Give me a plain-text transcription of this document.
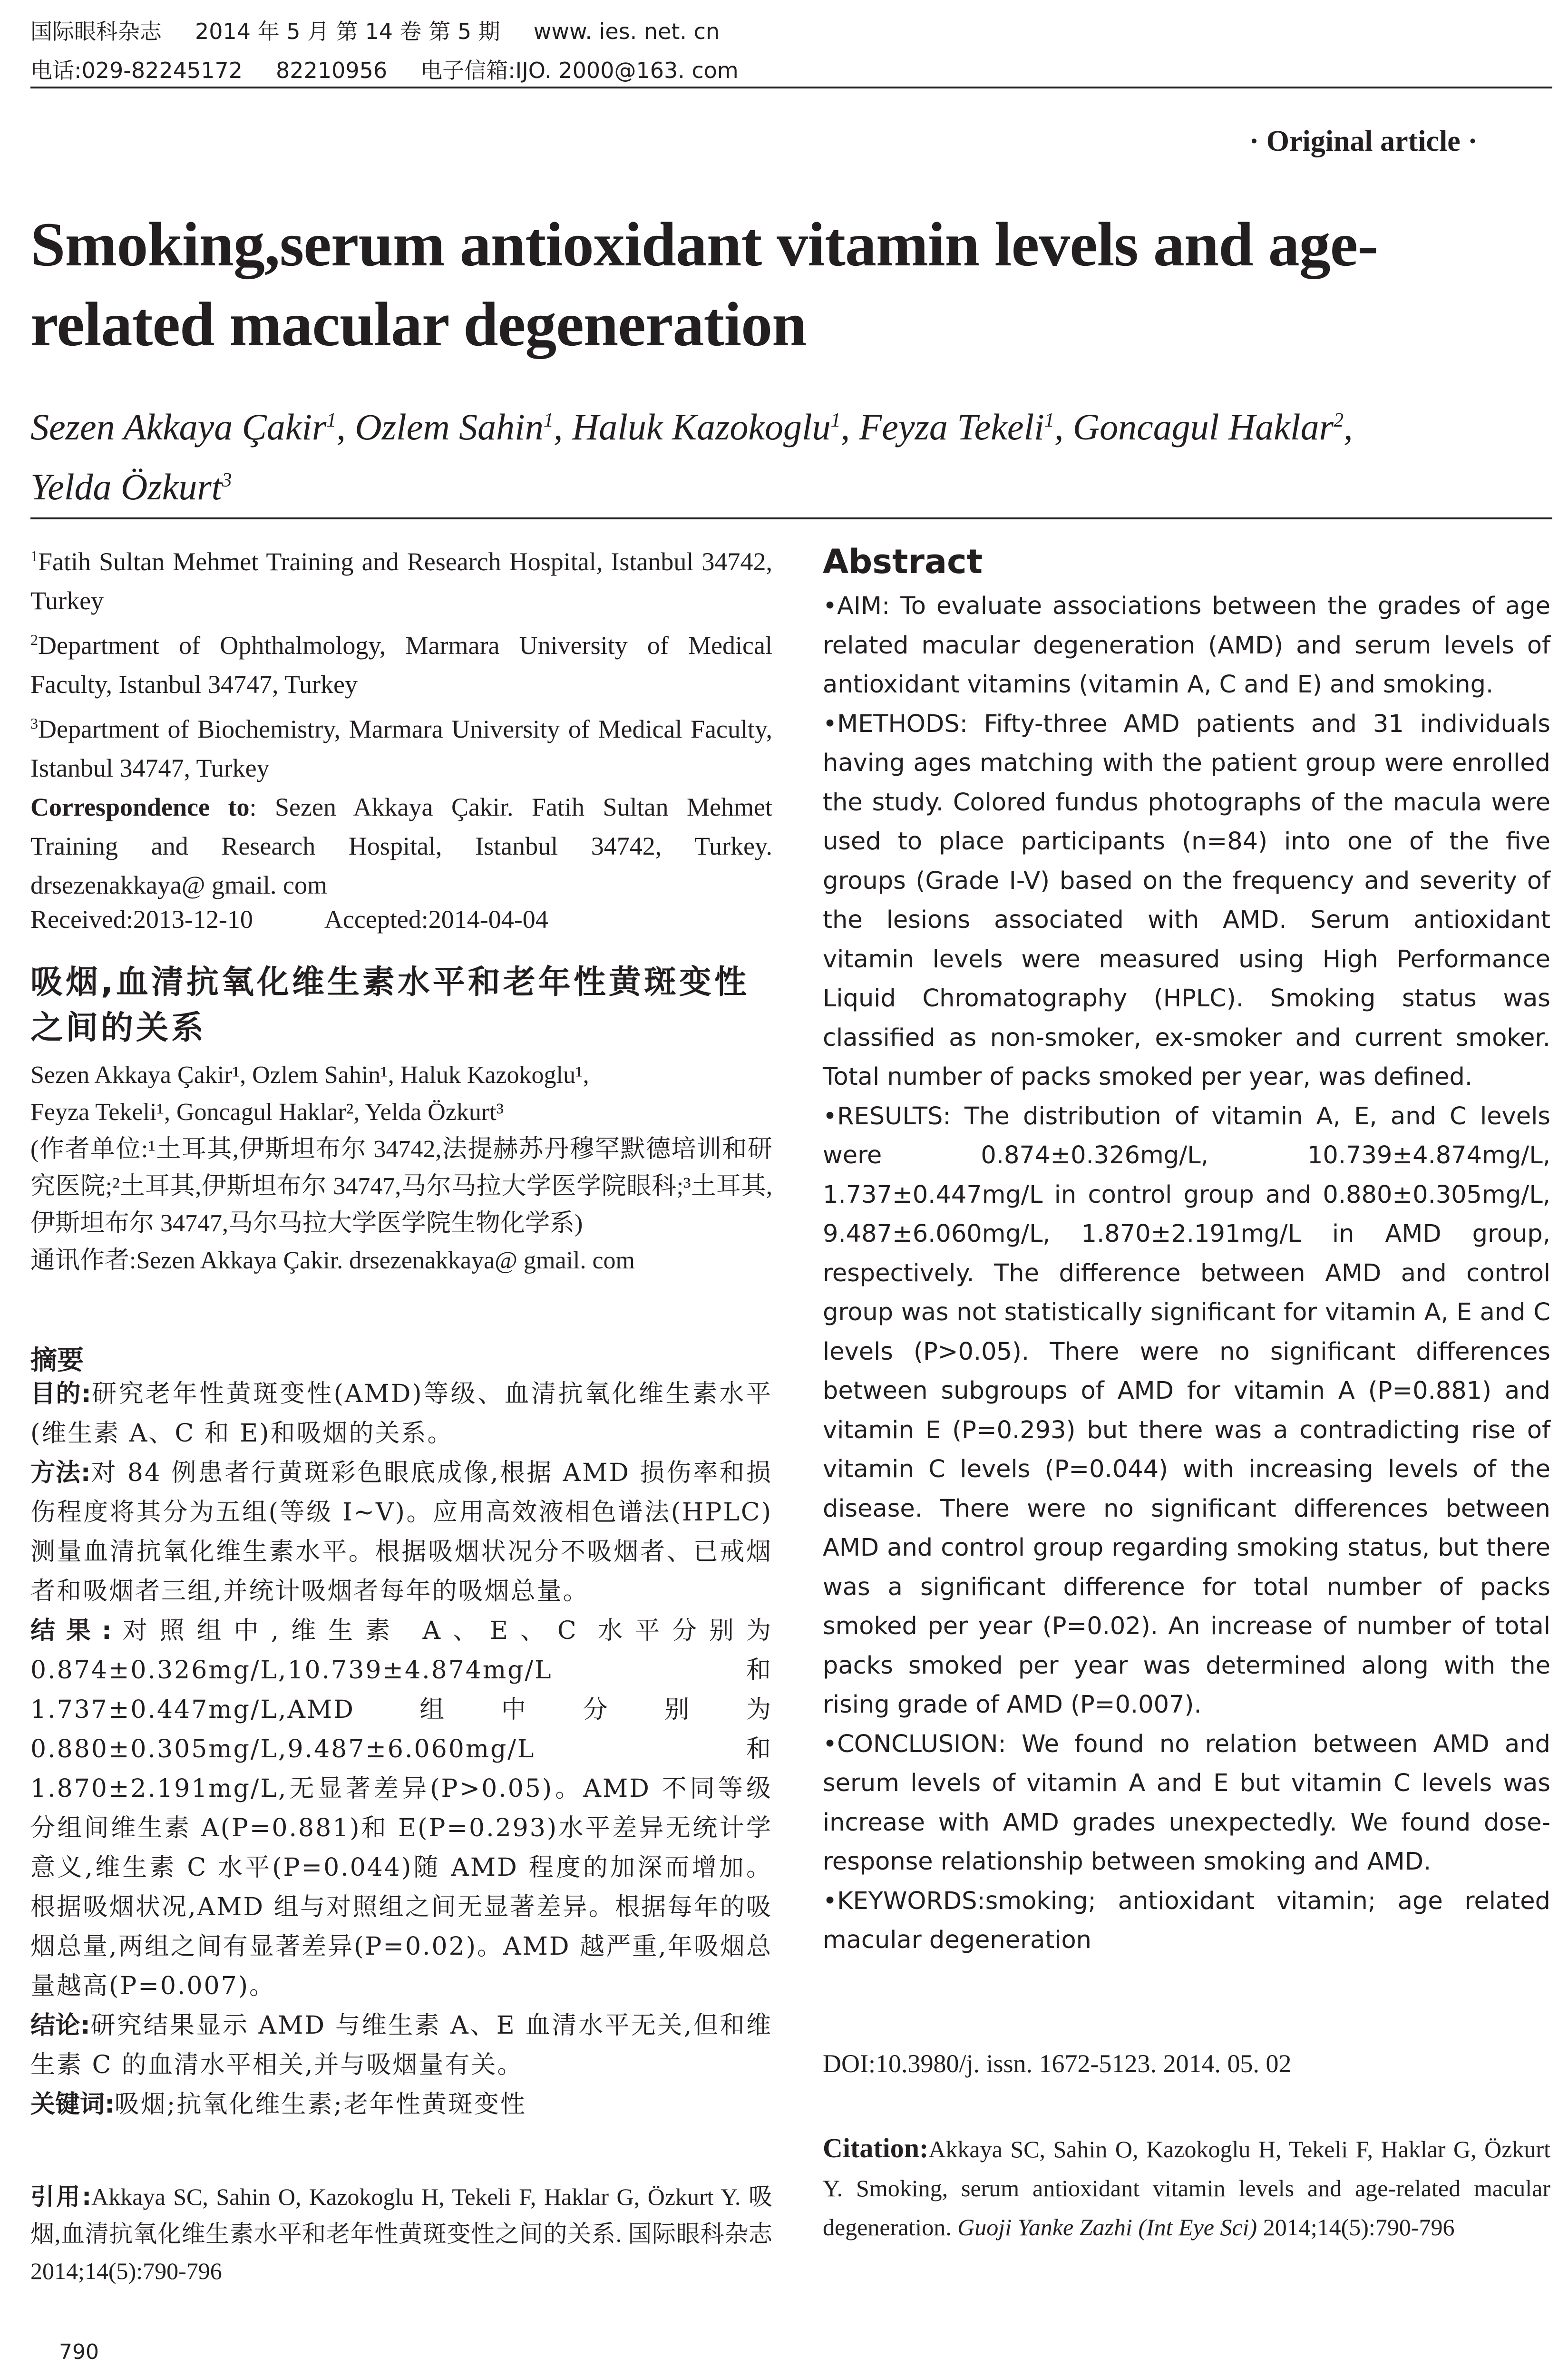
国际眼科杂志 2014 年 5 月 第 14 卷 第 5 期 www. ies. net. cn
电话:029-82245172 82210956 电子信箱:IJO. 2000@163. com
· Original article ·
Smoking,serum antioxidant vitamin levels and age-related macular degeneration
Sezen Akkaya Çakir$^1$, Ozlem Sahin$^1$, Haluk Kazokoglu$^1$, Feyza Tekeli$^1$, Goncagul Haklar$^2$,
Yelda Özkurt$^3$
$^1$Fatih Sultan Mehmet Training and Research Hospital, Istanbul 34742, Turkey
$^2$Department of Ophthalmology, Marmara University of Medical Faculty, Istanbul 34747, Turkey
$^3$Department of Biochemistry, Marmara University of Medical Faculty, Istanbul 34747, Turkey
Correspondence to: Sezen Akkaya Çakir. Fatih Sultan Mehmet Training and Research Hospital, Istanbul 34742, Turkey. drsezenakkaya@ gmail. com
Received:2013-12-10	Accepted:2014-04-04
吸烟,血清抗氧化维生素水平和老年性黄斑变性之间的关系
Sezen Akkaya Çakir¹, Ozlem Sahin¹, Haluk Kazokoglu¹,
Feyza Tekeli¹, Goncagul Haklar², Yelda Özkurt³
(作者单位:¹土耳其,伊斯坦布尔 34742,法提赫苏丹穆罕默德培训和研究医院;²土耳其,伊斯坦布尔 34747,马尔马拉大学医学院眼科;³土耳其,伊斯坦布尔 34747,马尔马拉大学医学院生物化学系)
通讯作者:Sezen Akkaya Çakir. drsezenakkaya@ gmail. com
摘要
目的:研究老年性黄斑变性(AMD)等级、血清抗氧化维生素水平(维生素 A、C 和 E)和吸烟的关系。
方法:对 84 例患者行黄斑彩色眼底成像,根据 AMD 损伤率和损伤程度将其分为五组(等级 I~V)。应用高效液相色谱法(HPLC)测量血清抗氧化维生素水平。根据吸烟状况分不吸烟者、已戒烟者和吸烟者三组,并统计吸烟者每年的吸烟总量。
结果:对照组中,维生素 A、E、C 水平分别为 0.874±0.326mg/L,10.739±4.874mg/L 和 1.737±0.447mg/L,AMD 组中分别为 0.880±0.305mg/L,9.487±6.060mg/L 和 1.870±2.191mg/L,无显著差异(P>0.05)。AMD 不同等级分组间维生素 A(P=0.881)和 E(P=0.293)水平差异无统计学意义,维生素 C 水平(P=0.044)随 AMD 程度的加深而增加。根据吸烟状况,AMD 组与对照组之间无显著差异。根据每年的吸烟总量,两组之间有显著差异(P=0.02)。AMD 越严重,年吸烟总量越高(P=0.007)。
结论:研究结果显示 AMD 与维生素 A、E 血清水平无关,但和维生素 C 的血清水平相关,并与吸烟量有关。
关键词:吸烟;抗氧化维生素;老年性黄斑变性
引用:Akkaya SC, Sahin O, Kazokoglu H, Tekeli F, Haklar G, Özkurt Y. 吸烟,血清抗氧化维生素水平和老年性黄斑变性之间的关系. 国际眼科杂志 2014;14(5):790-796
Abstract

•AIM: To evaluate associations between the grades of age related macular degeneration (AMD) and serum levels of antioxidant vitamins (vitamin A, C and E) and smoking.

•METHODS: Fifty-three AMD patients and 31 individuals having ages matching with the patient group were enrolled the study. Colored fundus photographs of the macula were used to place participants (n=84) into one of the five groups (Grade I-V) based on the frequency and severity of the lesions associated with AMD. Serum antioxidant vitamin levels were measured using High Performance Liquid Chromatography (HPLC). Smoking status was classified as non-smoker, ex-smoker and current smoker. Total number of packs smoked per year, was defined.

•RESULTS: The distribution of vitamin A, E, and C levels were 0.874±0.326mg/L, 10.739±4.874mg/L, 1.737±0.447mg/L in control group and 0.880±0.305mg/L, 9.487±6.060mg/L, 1.870±2.191mg/L in AMD group, respectively. The difference between AMD and control group was not statistically significant for vitamin A, E and C levels (P>0.05). There were no significant differences between subgroups of AMD for vitamin A (P=0.881) and vitamin E (P=0.293) but there was a contradicting rise of vitamin C levels (P=0.044) with increasing levels of the disease. There were no significant differences between AMD and control group regarding smoking status, but there was a significant difference for total number of packs smoked per year (P=0.02). An increase of number of total packs smoked per year was determined along with the rising grade of AMD (P=0.007).

•CONCLUSION: We found no relation between AMD and serum levels of vitamin A and E but vitamin C levels was increase with AMD grades unexpectedly. We found dose-response relationship between smoking and AMD.

•KEYWORDS:smoking; antioxidant vitamin; age related macular degeneration

DOI:10.3980/j. issn. 1672-5123. 2014. 05. 02
Citation:Akkaya SC, Sahin O, Kazokoglu H, Tekeli F, Haklar G, Özkurt Y. Smoking, serum antioxidant vitamin levels and age-related macular degeneration. Guoji Yanke Zazhi (Int Eye Sci) 2014;14(5):790-796
790
